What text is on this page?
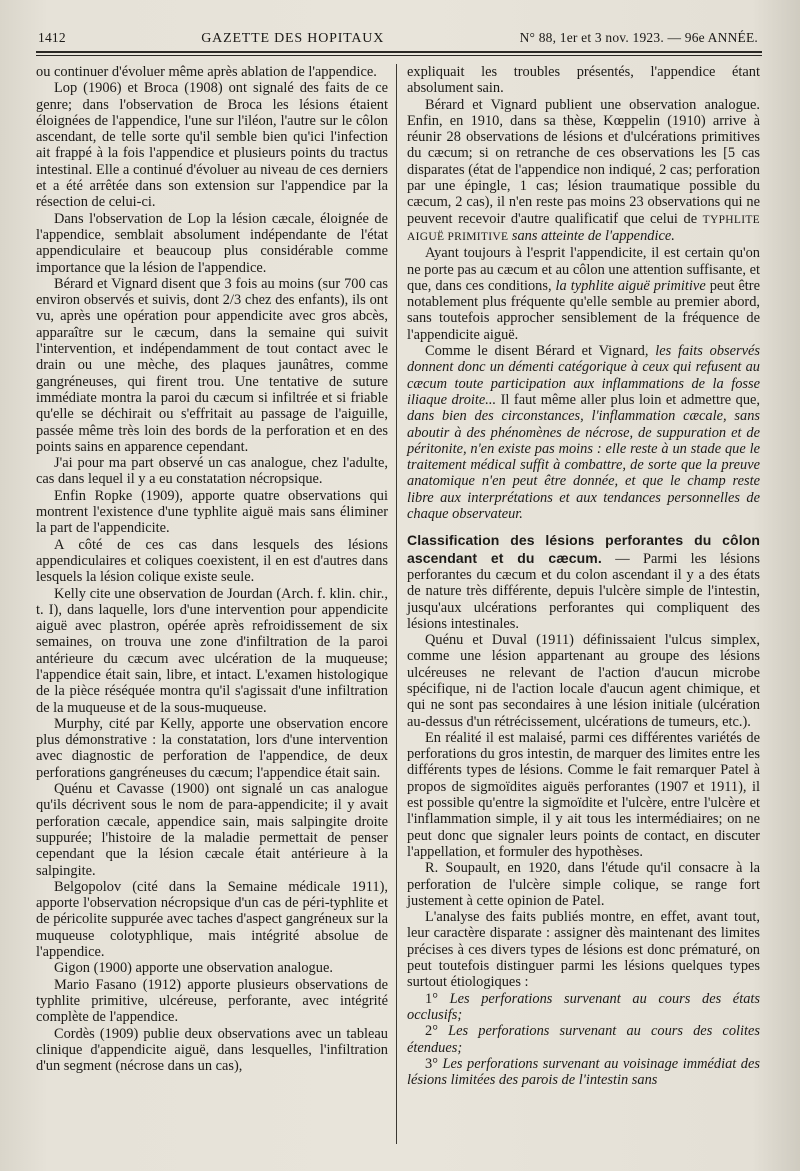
1412	GAZETTE DES HOPITAUX	N° 88, 1er et 3 nov. 1923. — 96e ANNÉE.

ou continuer d'évoluer même après ablation de l'appendice.

Lop (1906) et Broca (1908) ont signalé des faits de ce genre; dans l'observation de Broca les lésions étaient éloignées de l'appendice, l'une sur l'iléon, l'autre sur le côlon ascendant, de telle sorte qu'il semble bien qu'ici l'infection ait frappé à la fois l'appendice et plusieurs points du tractus intestinal. Elle a continué d'évoluer au niveau de ces derniers et a été arrêtée dans son extension sur l'appendice par la résection de celui-ci.

Dans l'observation de Lop la lésion cæcale, éloignée de l'appendice, semblait absolument indépendante de l'état appendiculaire et beaucoup plus considérable comme importance que la lésion de l'appendice.

Bérard et Vignard disent que 3 fois au moins (sur 700 cas environ observés et suivis, dont 2/3 chez des enfants), ils ont vu, après une opération pour appendicite avec gros abcès, apparaître sur le cæcum, dans la semaine qui suivit l'intervention, et indépendamment de tout contact avec le drain ou une mèche, des plaques jaunâtres, comme gangréneuses, qui firent trou. Une tentative de suture immédiate montra la paroi du cæcum si infiltrée et si friable qu'elle se déchirait ou s'effritait au passage de l'aiguille, passée même très loin des bords de la perforation et en des points sains en apparence cependant.

J'ai pour ma part observé un cas analogue, chez l'adulte, cas dans lequel il y a eu constatation nécropsique.

Enfin Ropke (1909), apporte quatre observations qui montrent l'existence d'une typhlite aiguë mais sans éliminer la part de l'appendicite.

A côté de ces cas dans lesquels des lésions appendiculaires et coliques coexistent, il en est d'autres dans lesquels la lésion colique existe seule.

Kelly cite une observation de Jourdan (Arch. f. klin. chir., t. I), dans laquelle, lors d'une intervention pour appendicite aiguë avec plastron, opérée après refroidissement de six semaines, on trouva une zone d'infiltration de la paroi antérieure du cæcum avec ulcération de la muqueuse; l'appendice était sain, libre, et intact. L'examen histologique de la pièce réséquée montra qu'il s'agissait d'une infiltration de la muqueuse et de la sous-muqueuse.

Murphy, cité par Kelly, apporte une observation encore plus démonstrative : la constatation, lors d'une intervention avec diagnostic de perforation de l'appendice, de deux perforations gangréneuses du cæcum; l'appendice était sain.

Quénu et Cavasse (1900) ont signalé un cas analogue qu'ils décrivent sous le nom de para-appendicite; il y avait perforation cæcale, appendice sain, mais salpingite droite suppurée; l'histoire de la maladie permettait de penser cependant que la lésion cæcale était antérieure à la salpingite.

Belgopolov (cité dans la Semaine médicale 1911), apporte l'observation nécropsique d'un cas de péri-typhlite et de péricolite suppurée avec taches d'aspect gangréneux sur la muqueuse colotyphlique, mais intégrité absolue de l'appendice.

Gigon (1900) apporte une observation analogue.

Mario Fasano (1912) apporte plusieurs observations de typhlite primitive, ulcéreuse, perforante, avec intégrité complète de l'appendice.

Cordès (1909) publie deux observations avec un tableau clinique d'appendicite aiguë, dans lesquelles, l'infiltration d'un segment (nécrose dans un cas),

expliquait les troubles présentés, l'appendice étant absolument sain.

Bérard et Vignard publient une observation analogue. Enfin, en 1910, dans sa thèse, Kœppelin (1910) arrive à réunir 28 observations de lésions et d'ulcérations primitives du cæcum; si on retranche de ces observations les [5 cas disparates (état de l'appendice non indiqué, 2 cas; perforation par une épingle, 1 cas; lésion traumatique possible du cæcum, 2 cas), il n'en reste pas moins 23 observations qui ne peuvent recevoir d'autre qualificatif que celui de TYPHLITE AIGUË PRIMITIVE sans atteinte de l'appendice.

Ayant toujours à l'esprit l'appendicite, il est certain qu'on ne porte pas au cæcum et au côlon une attention suffisante, et que, dans ces conditions, la typhlite aiguë primitive peut être notablement plus fréquente qu'elle semble au premier abord, sans toutefois approcher sensiblement de la fréquence de l'appendicite aiguë.

Comme le disent Bérard et Vignard, les faits observés donnent donc un démenti catégorique à ceux qui refusent au cæcum toute participation aux inflammations de la fosse iliaque droite... Il faut même aller plus loin et admettre que, dans bien des circonstances, l'inflammation cæcale, sans aboutir à des phénomènes de nécrose, de suppuration et de péritonite, n'en existe pas moins : elle reste à un stade que le traitement médical suffit à combattre, de sorte que la preuve anatomique n'en peut être donnée, et que le champ reste libre aux interprétations et aux tendances personnelles de chaque observateur.

Classification des lésions perforantes du côlon ascendant et du cæcum. — Parmi les lésions perforantes du cæcum et du colon ascendant il y a des états de nature très différente, depuis l'ulcère simple de l'intestin, jusqu'aux ulcérations perforantes qui compliquent des lésions intestinales.

Quénu et Duval (1911) définissaient l'ulcus simplex, comme une lésion appartenant au groupe des lésions ulcéreuses ne relevant de l'action d'aucun microbe spécifique, ni de l'action locale d'aucun agent chimique, et qui ne sont pas secondaires à une lésion initiale (ulcération au-dessus d'un rétrécissement, ulcérations de tumeurs, etc.).

En réalité il est malaisé, parmi ces différentes variétés de perforations du gros intestin, de marquer des limites entre les différents types de lésions. Comme le fait remarquer Patel à propos de sigmoïdites aiguës perforantes (1907 et 1911), il est possible qu'entre la sigmoïdite et l'ulcère, entre l'ulcère et l'inflammation simple, il y ait tous les intermédiaires; on ne peut donc que signaler leurs points de contact, en discuter l'appellation, et formuler des hypothèses.

R. Soupault, en 1920, dans l'étude qu'il consacre à la perforation de l'ulcère simple colique, se range fort justement à cette opinion de Patel.

L'analyse des faits publiés montre, en effet, avant tout, leur caractère disparate : assigner dès maintenant des limites précises à ces divers types de lésions est donc prématuré, on peut toutefois distinguer parmi les lésions quelques types surtout étiologiques :

1° Les perforations survenant au cours des états occlusifs;

2° Les perforations survenant au cours des colites étendues;

3° Les perforations survenant au voisinage immédiat des lésions limitées des parois de l'intestin sans
